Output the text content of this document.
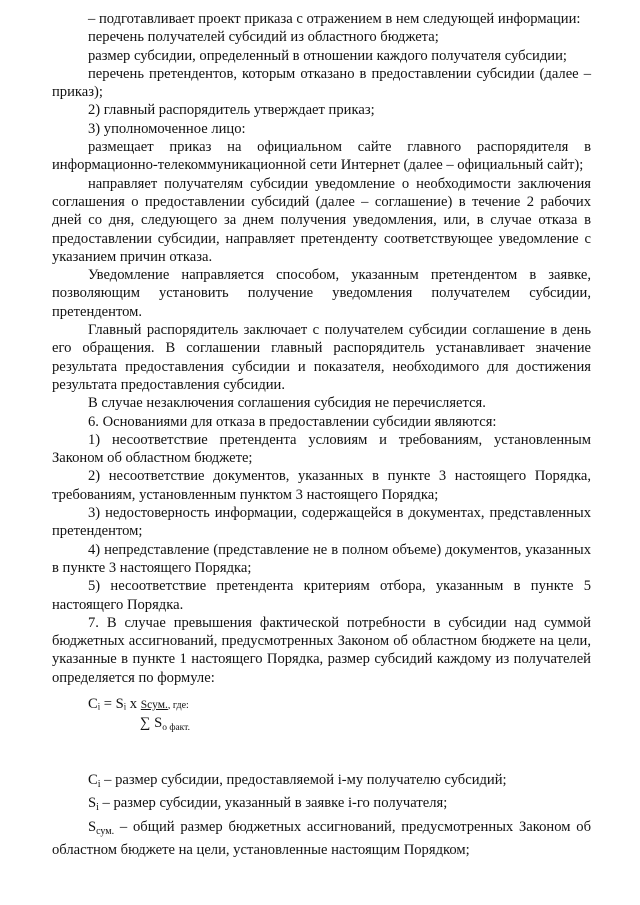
– подготавливает проект приказа с отражением в нем следующей информации:

перечень получателей субсидий из областного бюджета;

размер субсидии, определенный в отношении каждого получателя субсидии;

перечень претендентов, которым отказано в предоставлении субсидии (далее –приказ);

2) главный распорядитель утверждает приказ;

3) уполномоченное лицо:

размещает приказ на официальном сайте главного распорядителя в информационно-телекоммуникационной сети Интернет (далее – официальный сайт);

направляет получателям субсидии уведомление о необходимости заключения соглашения о предоставлении субсидий (далее – соглашение) в течение 2 рабочих дней со дня, следующего за днем получения уведомления, или, в случае отказа в предоставлении субсидии, направляет претенденту соответствующее уведомление с указанием причин отказа.

Уведомление направляется способом, указанным претендентом в заявке, позволяющим установить получение уведомления получателем субсидии, претендентом.

Главный распорядитель заключает с получателем субсидии соглашение в день его обращения. В соглашении главный распорядитель устанавливает значение результата предоставления субсидии и показателя, необходимого для достижения результата предоставления субсидии.

В случае незаключения соглашения субсидия не перечисляется.

6. Основаниями для отказа в предоставлении субсидии являются:

1) несоответствие претендента условиям и требованиям, установленным Законом об областном бюджете;

2) несоответствие документов, указанных в пункте 3 настоящего Порядка, требованиям, установленным пунктом 3 настоящего Порядка;

3) недостоверность информации, содержащейся в документах, представленных претендентом;

4) непредставление (представление не в полном объеме) документов, указанных в пункте 3 настоящего Порядка;

5) несоответствие претендента критериям отбора, указанным в пункте 5 настоящего Порядка.

7. В случае превышения фактической потребности в субсидии над суммой бюджетных ассигнований, предусмотренных Законом об областном бюджете на цели, указанные в пункте 1 настоящего Порядка, размер субсидий каждому из получателей определяется по формуле:

Cᵢ = Sᵢ x Sсум., где:
∑ $S_{о факт.}$

$C_i$ – размер субсидии, предоставляемой i-му получателю субсидий;

$S_i$ – размер субсидии, указанный в заявке i-го получателя;

$S_{сум.}$ – общий размер бюджетных ассигнований, предусмотренных Законом об областном бюджете на цели, установленные настоящим Порядком;
